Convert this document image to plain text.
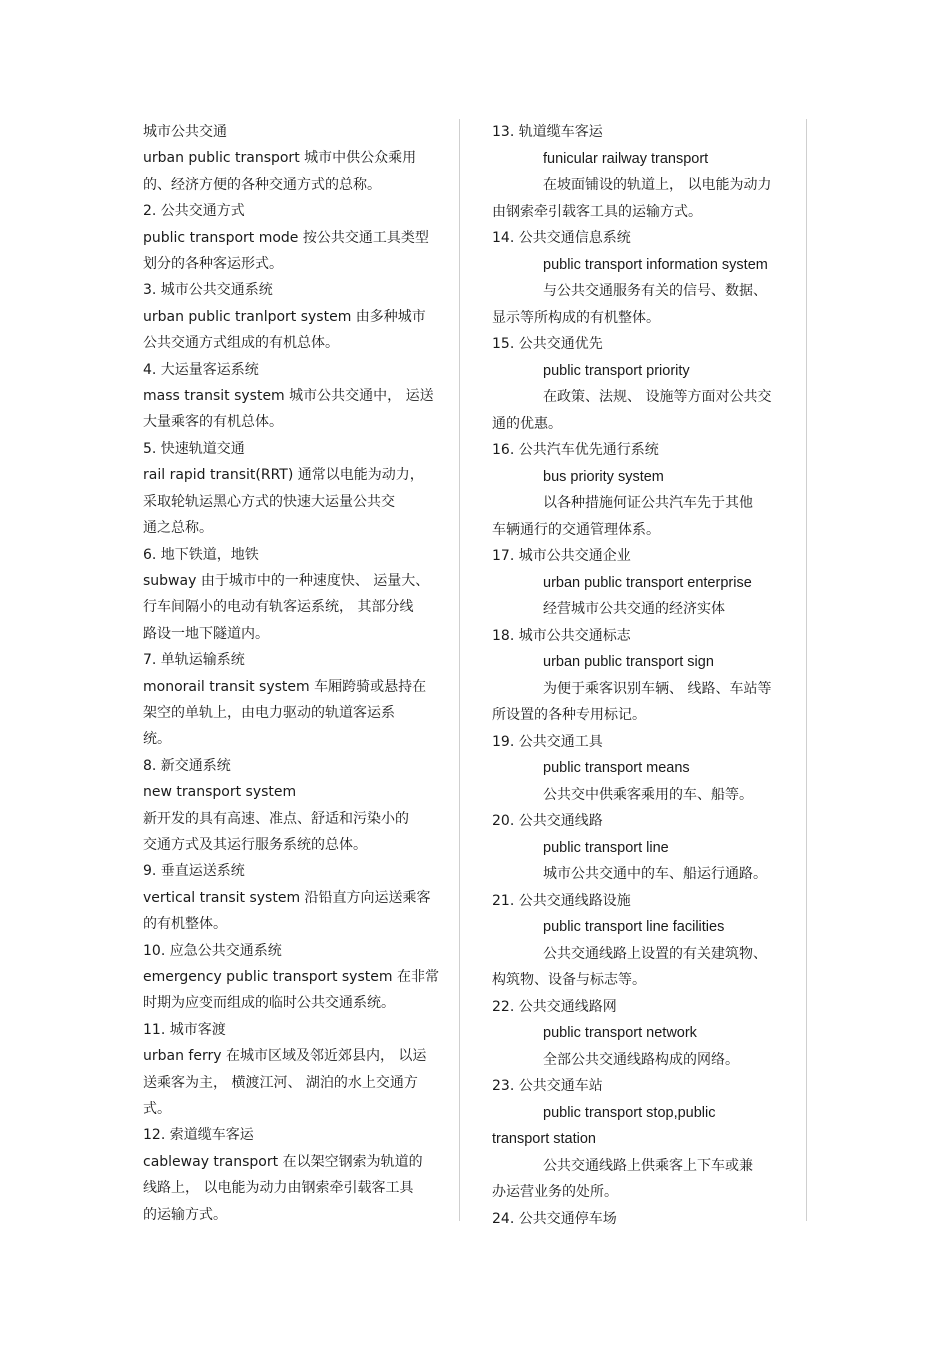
城市公共交通
urban public transport 城市中供公众乘用
的、经济方便的各种交通方式的总称。
2. 公共交通方式
public transport mode 按公共交通工具类型
划分的各种客运形式。
3. 城市公共交通系统
urban public tranlport system 由多种城市
公共交通方式组成的有机总体。
4. 大运量客运系统
mass transit system 城市公共交通中， 运送
大量乘客的有机总体。
5. 快速轨道交通
rail rapid transit(RRT) 通常以电能为动力，
采取轮轨运黑心方式的快速大运量公共交
通之总称。
6. 地下铁道，地铁
subway 由于城市中的一种速度快、 运量大、
行车间隔小的电动有轨客运系统， 其部分线
路设一地下隧道内。
7. 单轨运输系统
monorail transit system 车厢跨骑或悬持在
架空的单轨上，由电力驱动的轨道客运系
统。
8. 新交通系统
new transport system
新开发的具有高速、准点、舒适和污染小的
交通方式及其运行服务系统的总体。
9. 垂直运送系统
vertical transit system 沿铅直方向运送乘客
的有机整体。
10. 应急公共交通系统
emergency public transport system 在非常
时期为应变而组成的临时公共交通系统。
11. 城市客渡
urban ferry 在城市区域及邻近郊县内， 以运
送乘客为主， 横渡江河、 湖泊的水上交通方
式。
12. 索道缆车客运
cableway transport 在以架空钢索为轨道的
线路上， 以电能为动力由钢索牵引载客工具
的运输方式。
13. 轨道缆车客运
funicular railway transport
在坡面铺设的轨道上， 以电能为动力
由钢索牵引载客工具的运输方式。
14. 公共交通信息系统
public transport information system
与公共交通服务有关的信号、数据、
显示等所构成的有机整体。
15. 公共交通优先
public transport priority
在政策、法规、 设施等方面对公共交
通的优惠。
16. 公共汽车优先通行系统
bus priority system
以各种措施何证公共汽车先于其他
车辆通行的交通管理体系。
17. 城市公共交通企业
urban public transport enterprise
经营城市公共交通的经济实体
18. 城市公共交通标志
urban public transport sign
为便于乘客识别车辆、 线路、车站等
所设置的各种专用标记。
19. 公共交通工具
public transport means
公共交中供乘客乘用的车、船等。
20. 公共交通线路
public transport line
城市公共交通中的车、船运行通路。
21. 公共交通线路设施
public transport line facilities
公共交通线路上设置的有关建筑物、
构筑物、设备与标志等。
22. 公共交通线路网
public transport network
全部公共交通线路构成的网络。
23. 公共交通车站
public transport stop,public
transport station
公共交通线路上供乘客上下车或兼
办运营业务的处所。
24. 公共交通停车场
